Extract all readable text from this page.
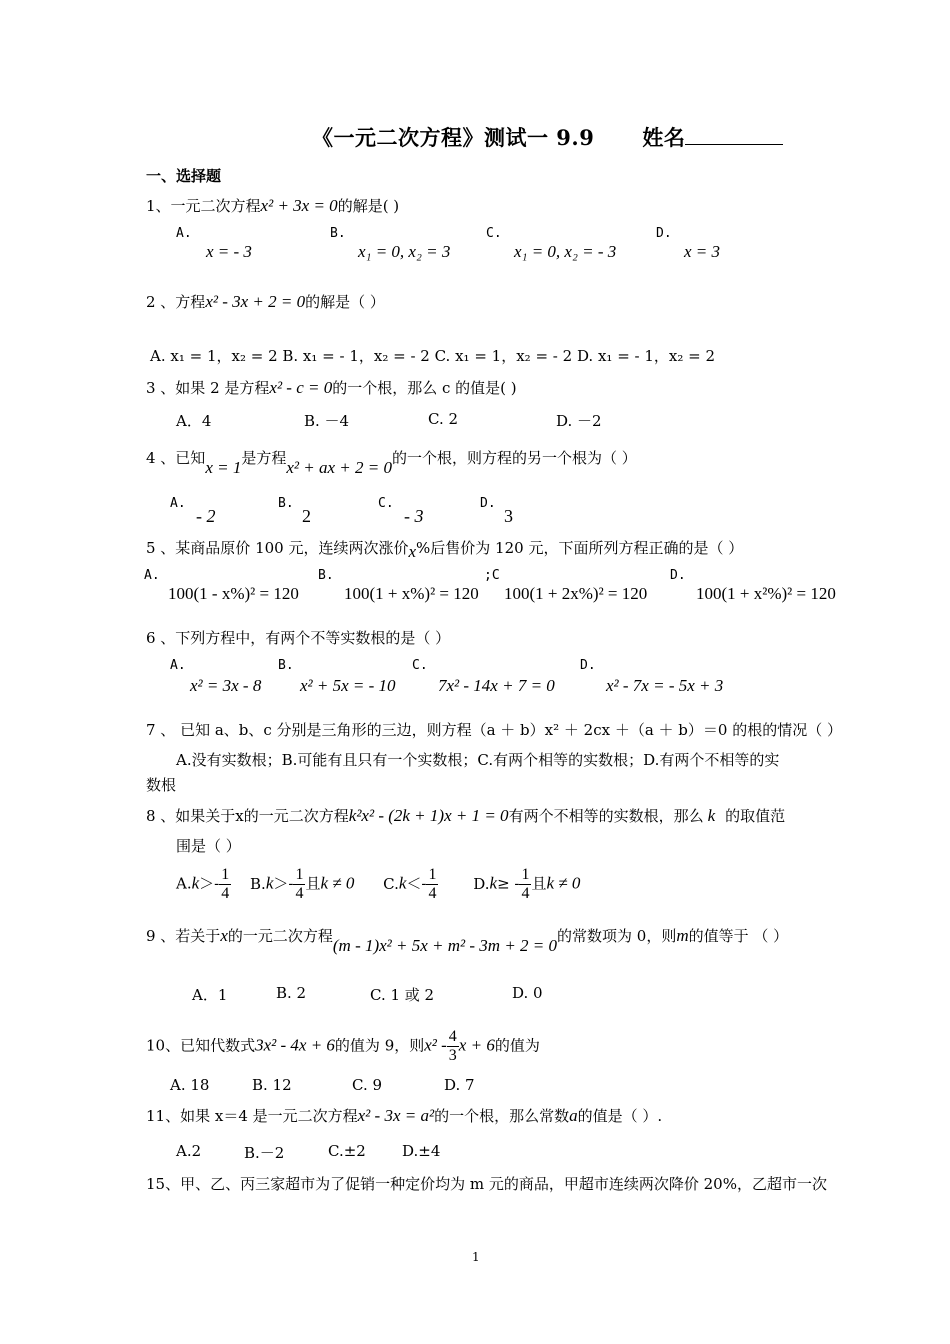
《一元二次方程》测试一 9.9 姓名
一、选择题
1、一元二次方程x² + 3x = 0的解是( )
A.
x = - 3
B.
x₁ = 0, x₂ = 3
C.
x₁ = 0, x₂ = - 3
D.
x = 3
2 、方程x² - 3x + 2 = 0的解是（ ）
A. x₁ = 1，x₂ = 2 B. x₁ = - 1，x₂ = - 2 C. x₁ = 1，x₂ = - 2 D. x₁ = - 1，x₂ = 2
3 、如果 2 是方程x² - c = 0的一个根，那么 c 的值是( )
A．4	B. －4	C. 2	D. －2
4 、已知x = 1是方程x² + ax + 2 = 0的一个根，则方程的另一个根为（ ）
A.
- 2
B.
2
C.
- 3
D.
3
5 、某商品原价 100 元，连续两次涨价x%后售价为 120 元，下面所列方程正确的是（ ）
A.
100(1 - x%)² = 120
B.
100(1 + x%)² = 120
;C
100(1 + 2x%)² = 120
D.
100(1 + x²%)² = 120
6 、下列方程中，有两个不等实数根的是（ ）
A.
x² = 3x - 8
B.
x² + 5x = - 10
C.
7x² - 14x + 7 = 0
D.
x² - 7x = - 5x + 3
7 、 已知 a、b、c 分别是三角形的三边，则方程（a ＋ b）x² ＋ 2cx ＋（a ＋ b）＝0 的根的情况（ ）
A.没有实数根；B.可能有且只有一个实数根；C.有两个相等的实数根；D.有两个不相等的实
数根
8 、如果关于x的一元二次方程k²x² - (2k + 1)x + 1 = 0有两个不相等的实数根，那么 k 的取值范
围是（ ）
$A.k>- \frac{1}{4} B.k>- \frac{1}{4}$ 且k ≠ 0 $C.k<- \frac{1}{4} D.k\ge - \frac{1}{4}$ 且k ≠ 0
9 、若关于x的一元二次方程(m - 1)x² + 5x + m² - 3m + 2 = 0的常数项为 0，则m的值等于 （ ）
A．1	B. 2	C. 1 或 2	D. 0
10、已知代数式3x² - 4x + 6的值为 9，则$x^2 - \frac{4}{3}$ x + 6的值为
A. 18	B. 12	C. 9	D. 7
11、如果 x＝4 是一元二次方程x² - 3x = a²的一个根，那么常数a的值是（ ）.
A.2	B.－2	C.±2 D.±4
15、甲、乙、丙三家超市为了促销一种定价均为 m 元的商品，甲超市连续两次降价 20%，乙超市一次
1
